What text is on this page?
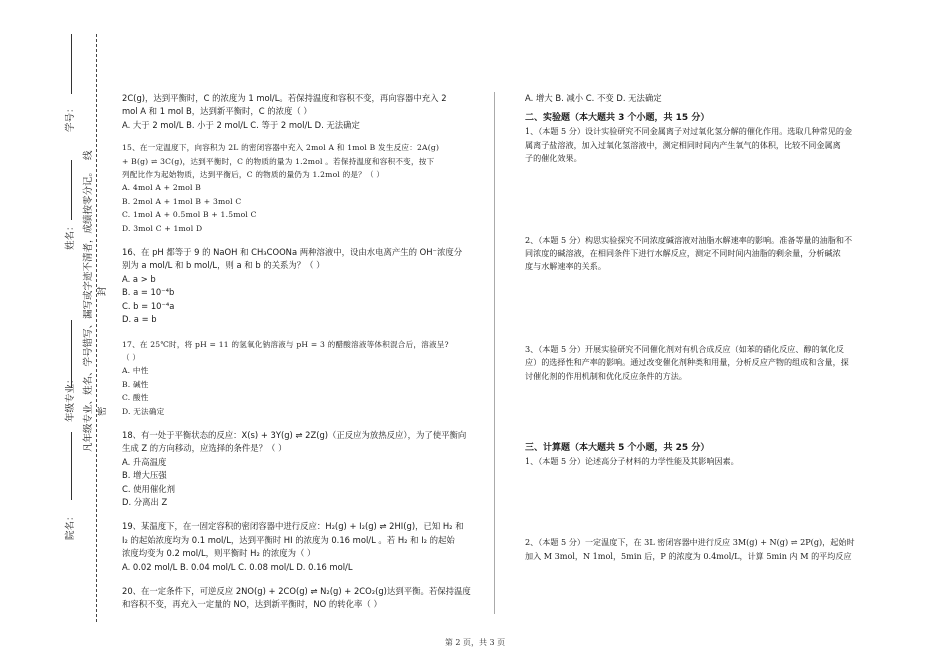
学号：
线
姓名： 凡年级专业、姓名、学号错写、漏写或字迹不清者，成绩按零分记。 封
年级专业：	密
院名：

2C(g)，达到平衡时，C 的浓度为 1 mol/L。若保持温度和容积不变，再向容器中充入 2

mol A 和 1 mol B，达到新平衡时，C 的浓度（ ）

A. 大于 2 mol/L B. 小于 2 mol/L C. 等于 2 mol/L D. 无法确定

15、在一定温度下，向容积为 2L 的密闭容器中充入 2mol A 和 1mol B 发生反应：2A(g)

+ B(g) ⇌ 3C(g)，达到平衡时，C 的物质的量为 1.2mol 。若保持温度和容积不变，按下

列配比作为起始物质，达到平衡后，C 的物质的量仍为 1.2mol 的是？（ ）

A. 4mol A + 2mol B

B. 2mol A + 1mol B + 3mol C

C. 1mol A + 0.5mol B + 1.5mol C

D. 3mol C + 1mol D

16、在 pH 都等于 9 的 NaOH 和 CH₃COONa 两种溶液中，设由水电离产生的 OH⁻浓度分

别为 a mol/L 和 b mol/L，则 a 和 b 的关系为？（ ）

A. a > b

B. a = 10⁻⁴b

C. b = 10⁻⁴a

D. a = b

17、在 25℃时，将 pH = 11 的氢氧化钠溶液与 pH = 3 的醋酸溶液等体积混合后，溶液呈?

（ ）

A. 中性

B. 碱性

C. 酸性

D. 无法确定

18、有一处于平衡状态的反应：X(s) + 3Y(g) ⇌ 2Z(g)（正反应为放热反应），为了使平衡向

生成 Z 的方向移动，应选择的条件是？（ ）

A. 升高温度

B. 增大压强

C. 使用催化剂

D. 分离出 Z

19、某温度下，在一固定容积的密闭容器中进行反应：H₂(g) + I₂(g) ⇌ 2HI(g)，已知 H₂ 和

I₂ 的起始浓度均为 0.1 mol/L，达到平衡时 HI 的浓度为 0.16 mol/L 。若 H₂ 和 I₂ 的起始

浓度均变为 0.2 mol/L，则平衡时 H₂ 的浓度为（ ）

A. 0.02 mol/L B. 0.04 mol/L C. 0.08 mol/L D. 0.16 mol/L

20、在一定条件下，可逆反应 2NO(g) + 2CO(g) ⇌ N₂(g) + 2CO₂(g)达到平衡。若保持温度

和容积不变，再充入一定量的 NO，达到新平衡时，NO 的转化率（ ）

A. 增大 B. 减小 C. 不变 D. 无法确定

二、实验题（本大题共 3 个小题，共 15 分）

1、（本题 5 分）设计实验研究不同金属离子对过氧化氢分解的催化作用。选取几种常见的金

属离子盐溶液，加入过氧化氢溶液中，测定相同时间内产生氧气的体积，比较不同金属离

子的催化效果。

2、（本题 5 分）构思实验探究不同浓度碱溶液对油脂水解速率的影响。准备等量的油脂和不

同浓度的碱溶液，在相同条件下进行水解反应，测定不同时间内油脂的剩余量，分析碱浓

度与水解速率的关系。

3、（本题 5 分）开展实验研究不同催化剂对有机合成反应（如苯的硝化反应、醇的氧化反

应）的选择性和产率的影响。通过改变催化剂种类和用量，分析反应产物的组成和含量，探

讨催化剂的作用机制和优化反应条件的方法。

三、计算题（本大题共 5 个小题，共 25 分）

1、（本题 5 分）论述高分子材料的力学性能及其影响因素。

2、（本题 5 分）一定温度下，在 3L 密闭容器中进行反应 3M(g) + N(g) ⇌ 2P(g)，起始时

加入 M 3mol，N 1mol，5min 后，P 的浓度为 0.4mol/L，计算 5min 内 M 的平均反应

第 2 页，共 3 页
